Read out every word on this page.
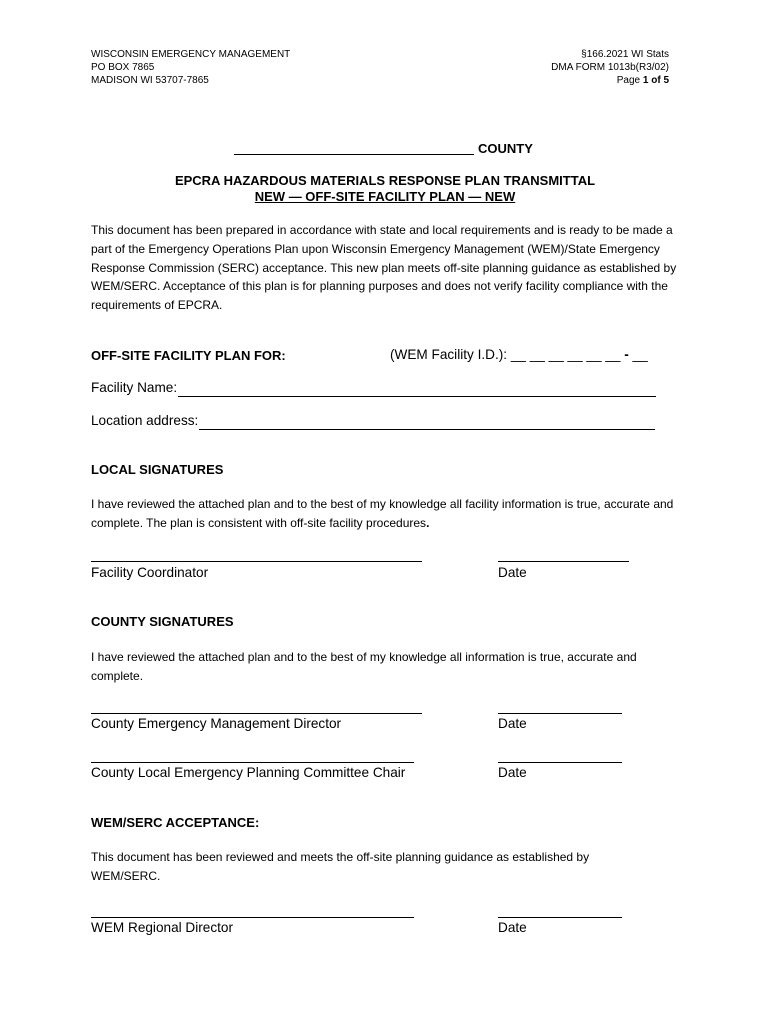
WISCONSIN EMERGENCY MANAGEMENT
PO BOX 7865
MADISON WI 53707-7865
§166.2021 WI Stats
DMA FORM 1013b(R3/02)
Page 1 of 5
COUNTY
EPCRA HAZARDOUS MATERIALS RESPONSE PLAN TRANSMITTAL
NEW — OFF-SITE FACILITY PLAN — NEW
This document has been prepared in accordance with state and local requirements and is ready to be made a part of the Emergency Operations Plan upon Wisconsin Emergency Management (WEM)/State Emergency Response Commission (SERC) acceptance. This new plan meets off-site planning guidance as established by WEM/SERC. Acceptance of this plan is for planning purposes and does not verify facility compliance with the requirements of EPCRA.
OFF-SITE FACILITY PLAN FOR:	(WEM Facility I.D.): __ __ __ __ __ __ - __
Facility Name:
Location address:
LOCAL SIGNATURES
I have reviewed the attached plan and to the best of my knowledge all facility information is true, accurate and complete. The plan is consistent with off-site facility procedures.
Facility Coordinator	Date
COUNTY SIGNATURES
I have reviewed the attached plan and to the best of my knowledge all information is true, accurate and complete.
County Emergency Management Director	Date
County Local Emergency Planning Committee Chair	Date
WEM/SERC ACCEPTANCE:
This document has been reviewed and meets the off-site planning guidance as established by WEM/SERC.
WEM Regional Director	Date
